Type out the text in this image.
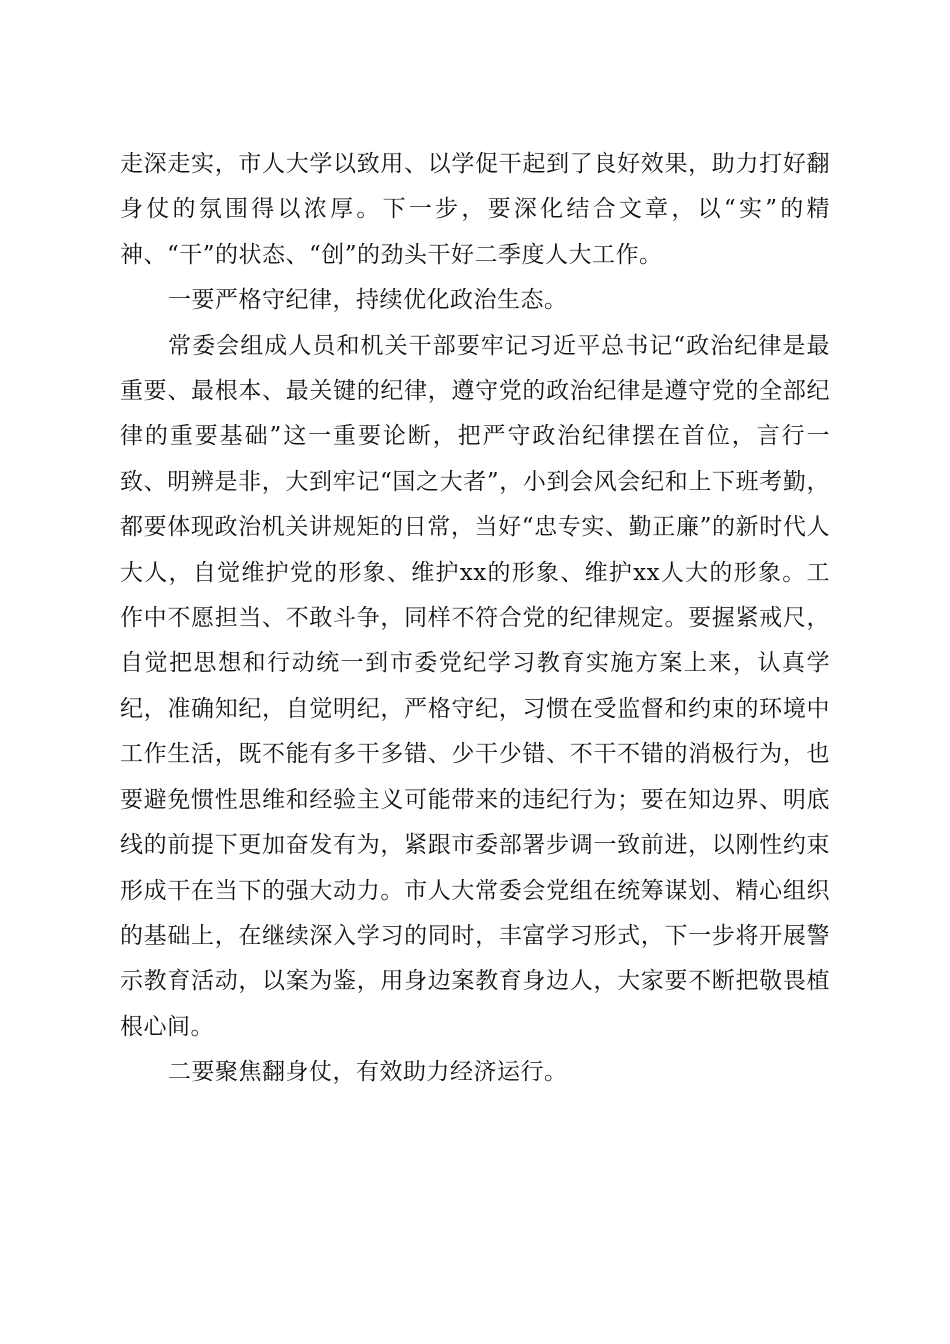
走深走实，市人大学以致用、以学促干起到了良好效果，助力打好翻身仗的氛围得以浓厚。下一步，要深化结合文章，以“实”的精神、“干”的状态、“创”的劲头干好二季度人大工作。

一要严格守纪律，持续优化政治生态。

常委会组成人员和机关干部要牢记习近平总书记“政治纪律是最重要、最根本、最关键的纪律，遵守党的政治纪律是遵守党的全部纪律的重要基础”这一重要论断，把严守政治纪律摆在首位，言行一致、明辨是非，大到牢记“国之大者”，小到会风会纪和上下班考勤，都要体现政治机关讲规矩的日常，当好“忠专实、勤正廉”的新时代人大人，自觉维护党的形象、维护xx的形象、维护xx人大的形象。工作中不愿担当、不敢斗争，同样不符合党的纪律规定。要握紧戒尺，自觉把思想和行动统一到市委党纪学习教育实施方案上来，认真学纪，准确知纪，自觉明纪，严格守纪，习惯在受监督和约束的环境中工作生活，既不能有多干多错、少干少错、不干不错的消极行为，也要避免惯性思维和经验主义可能带来的违纪行为；要在知边界、明底线的前提下更加奋发有为，紧跟市委部署步调一致前进，以刚性约束形成干在当下的强大动力。市人大常委会党组在统筹谋划、精心组织的基础上，在继续深入学习的同时，丰富学习形式，下一步将开展警示教育活动，以案为鉴，用身边案教育身边人，大家要不断把敬畏植根心间。

二要聚焦翻身仗，有效助力经济运行。
